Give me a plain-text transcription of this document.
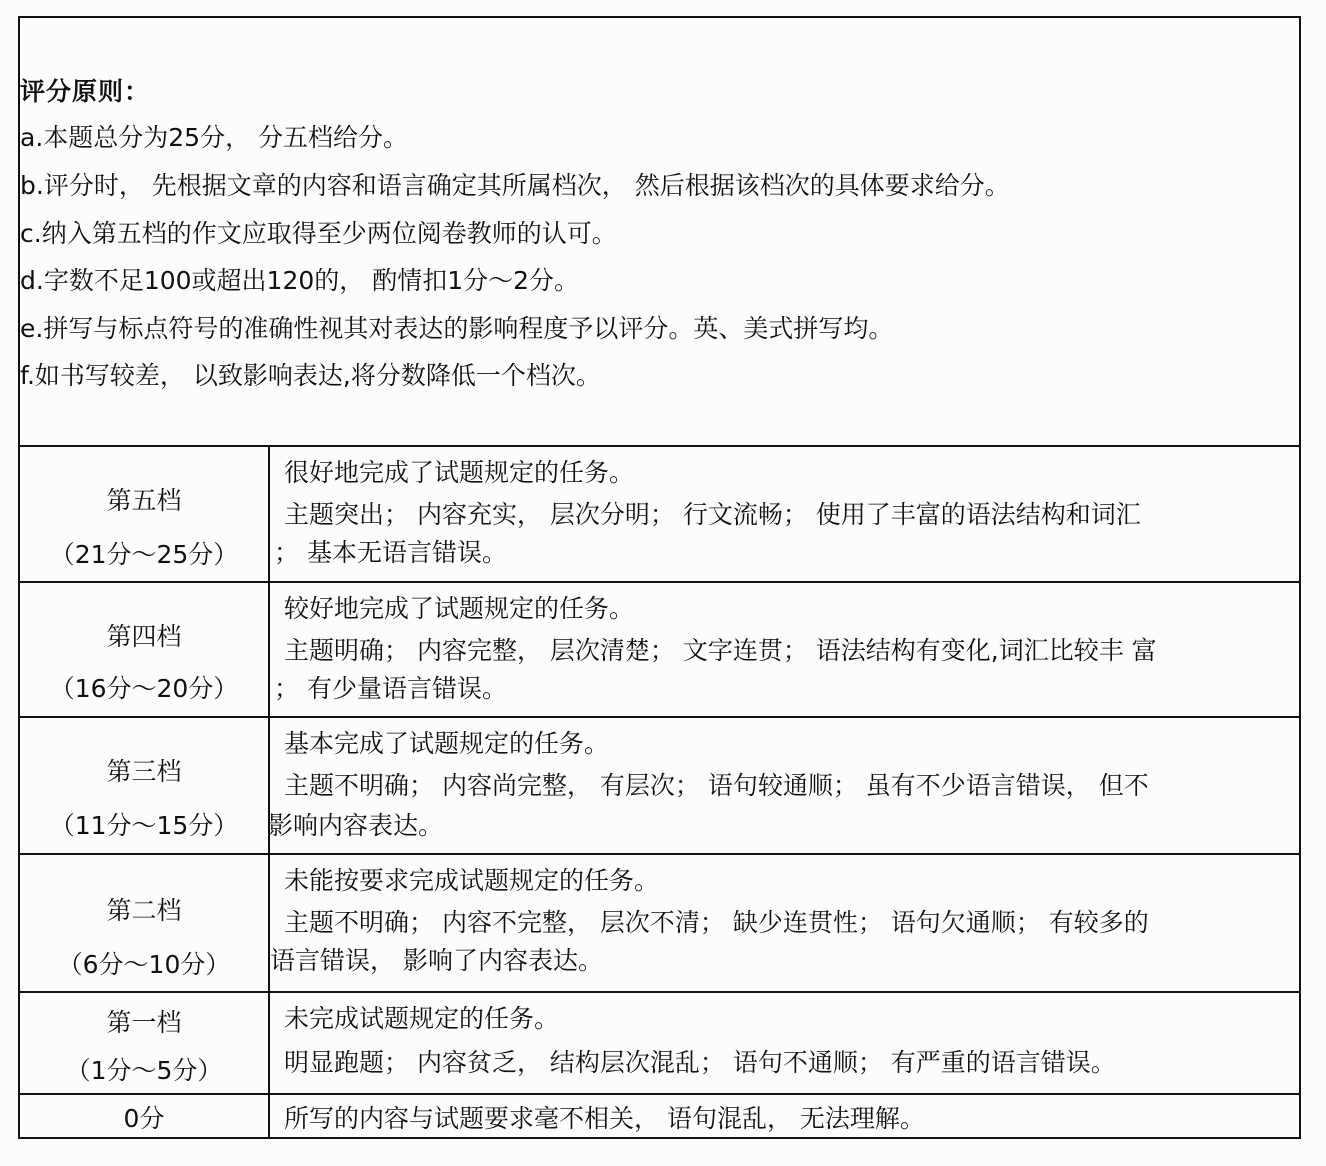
评分原则：
a.本题总分为25分， 分五档给分。
b.评分时， 先根据文章的内容和语言确定其所属档次， 然后根据该档次的具体要求给分。
c.纳入第五档的作文应取得至少两位阅卷教师的认可。
d.字数不足100或超出120的， 酌情扣1分～2分。
e.拼写与标点符号的准确性视其对表达的影响程度予以评分。英、美式拼写均。
f.如书写较差， 以致影响表达,将分数降低一个档次。
第五档
（21分～25分）
很好地完成了试题规定的任务。
主题突出； 内容充实， 层次分明； 行文流畅； 使用了丰富的语法结构和词汇
； 基本无语言错误。
第四档
（16分～20分）
较好地完成了试题规定的任务。
主题明确； 内容完整， 层次清楚； 文字连贯； 语法结构有变化,词汇比较丰 富
； 有少量语言错误。
第三档
（11分～15分）
基本完成了试题规定的任务。
主题不明确； 内容尚完整， 有层次； 语句较通顺； 虽有不少语言错误， 但不
影响内容表达。
第二档
（6分～10分）
未能按要求完成试题规定的任务。
主题不明确； 内容不完整， 层次不清； 缺少连贯性； 语句欠通顺； 有较多的
语言错误， 影响了内容表达。
第一档
（1分～5分）
未完成试题规定的任务。
明显跑题； 内容贫乏， 结构层次混乱； 语句不通顺； 有严重的语言错误。
0分	所写的内容与试题要求毫不相关， 语句混乱， 无法理解。
